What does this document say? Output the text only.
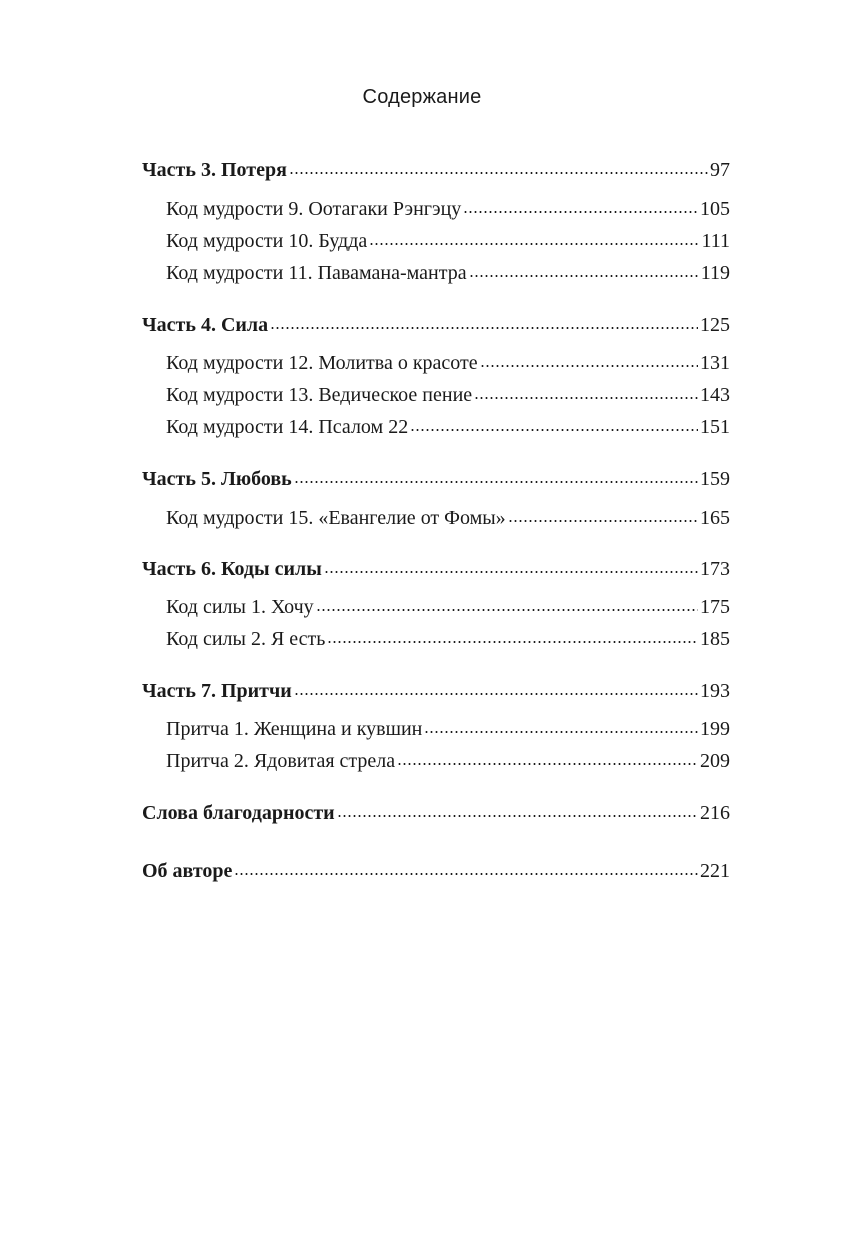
Содержание
Часть 3. Потеря	97
Код мудрости 9. Оотагаки Рэнгэцу	105
Код мудрости 10. Будда	111
Код мудрости 11. Павамана-мантра	119
Часть 4. Сила	125
Код мудрости 12. Молитва о красоте	131
Код мудрости 13. Ведическое пение	143
Код мудрости 14. Псалом 22	151
Часть 5. Любовь	159
Код мудрости 15. «Евангелие от Фомы»	165
Часть 6. Коды силы	173
Код силы 1. Хочу	175
Код силы 2. Я есть	185
Часть 7. Притчи	193
Притча 1. Женщина и кувшин	199
Притча 2. Ядовитая стрела	209
Слова благодарности	216
Об авторе	221
